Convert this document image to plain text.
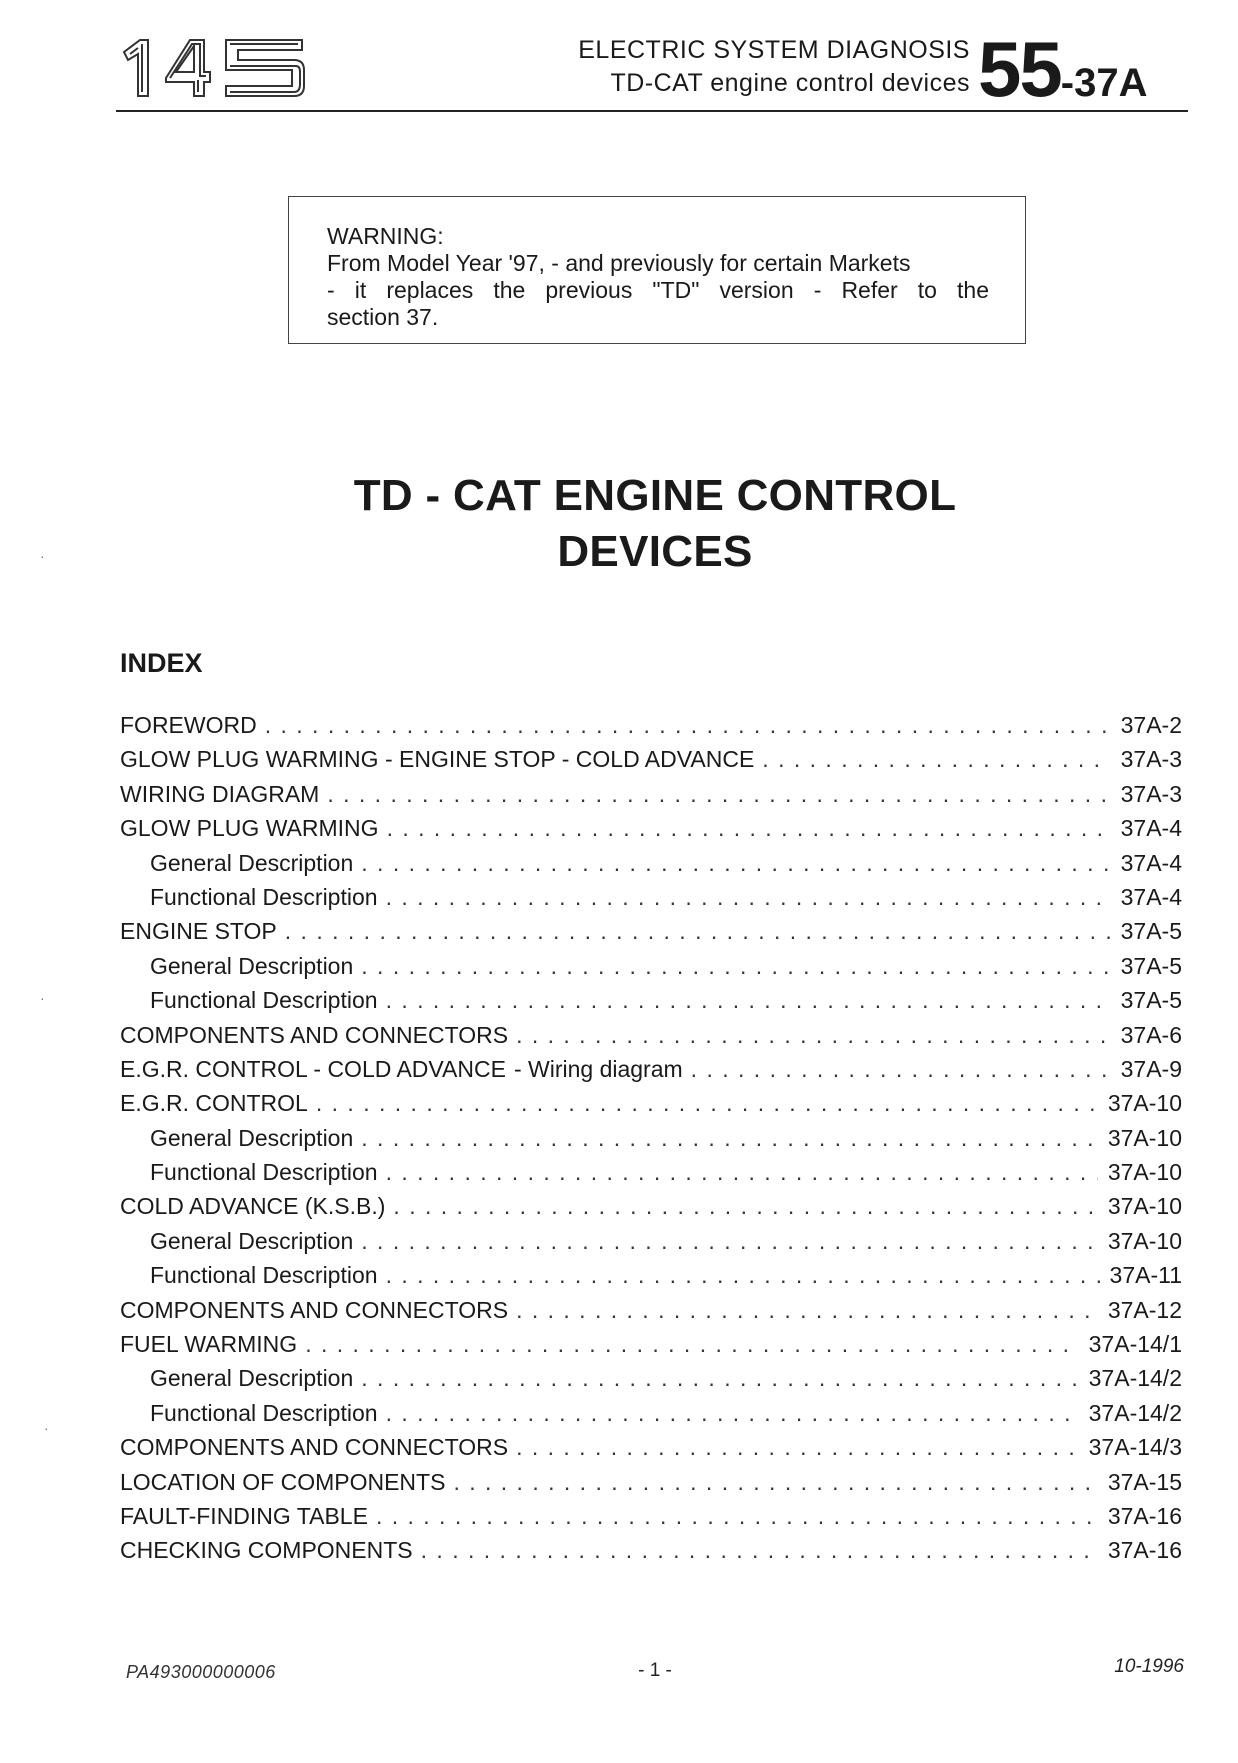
ELECTRIC SYSTEM DIAGNOSIS
TD-CAT engine control devices 55-37A
WARNING:
From Model Year '97, - and previously for certain Markets
- it replaces the previous "TD" version - Refer to the
section 37.
TD - CAT ENGINE CONTROL
DEVICES
INDEX
FOREWORD . . .	37A-2
GLOW PLUG WARMING - ENGINE STOP - COLD ADVANCE . . .	37A-3
WIRING DIAGRAM . . .	37A-3
GLOW PLUG WARMING . . .	37A-4
General Description . . .	37A-4
Functional Description . . .	37A-4
ENGINE STOP . . .	37A-5
General Description . . .	37A-5
Functional Description . . .	37A-5
COMPONENTS AND CONNECTORS . . .	37A-6
E.G.R. CONTROL - COLD ADVANCE - Wiring diagram . . .	37A-9
E.G.R. CONTROL . . .	37A-10
General Description . . .	37A-10
Functional Description . . .	37A-10
COLD ADVANCE (K.S.B.) . . .	37A-10
General Description . . .	37A-10
Functional Description . . .	37A-11
COMPONENTS AND CONNECTORS . . .	37A-12
FUEL WARMING . . .	37A-14/1
General Description . . .	37A-14/2
Functional Description . . .	37A-14/2
COMPONENTS AND CONNECTORS . . .	37A-14/3
LOCATION OF COMPONENTS . . .	37A-15
FAULT-FINDING TABLE . . .	37A-16
CHECKING COMPONENTS . . .	37A-16
PA493000000006	- 1 -	10-1996
·
·
·
